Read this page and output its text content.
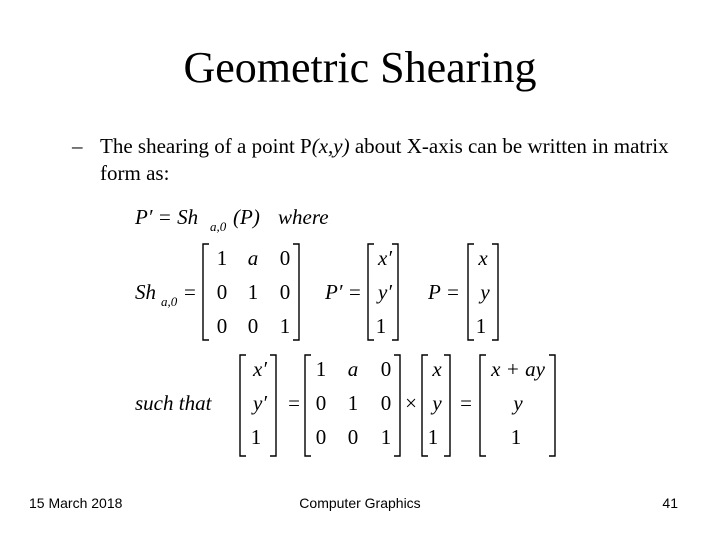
Geometric Shearing
– The shearing of a point P(x,y) about X-axis can be written in matrix form as:
P′ = Sh a,0 (P) where
Sh a,0 =
1 a 0
0 1 0
0 0 1
P′ =
x′
y′
1
P =
x
y
1
such that
x′
y′
1
=
1 a 0
0 1 0
0 0 1
×
x
y
1
=
x + ay
y
1
15 March 2018	Computer Graphics	41
